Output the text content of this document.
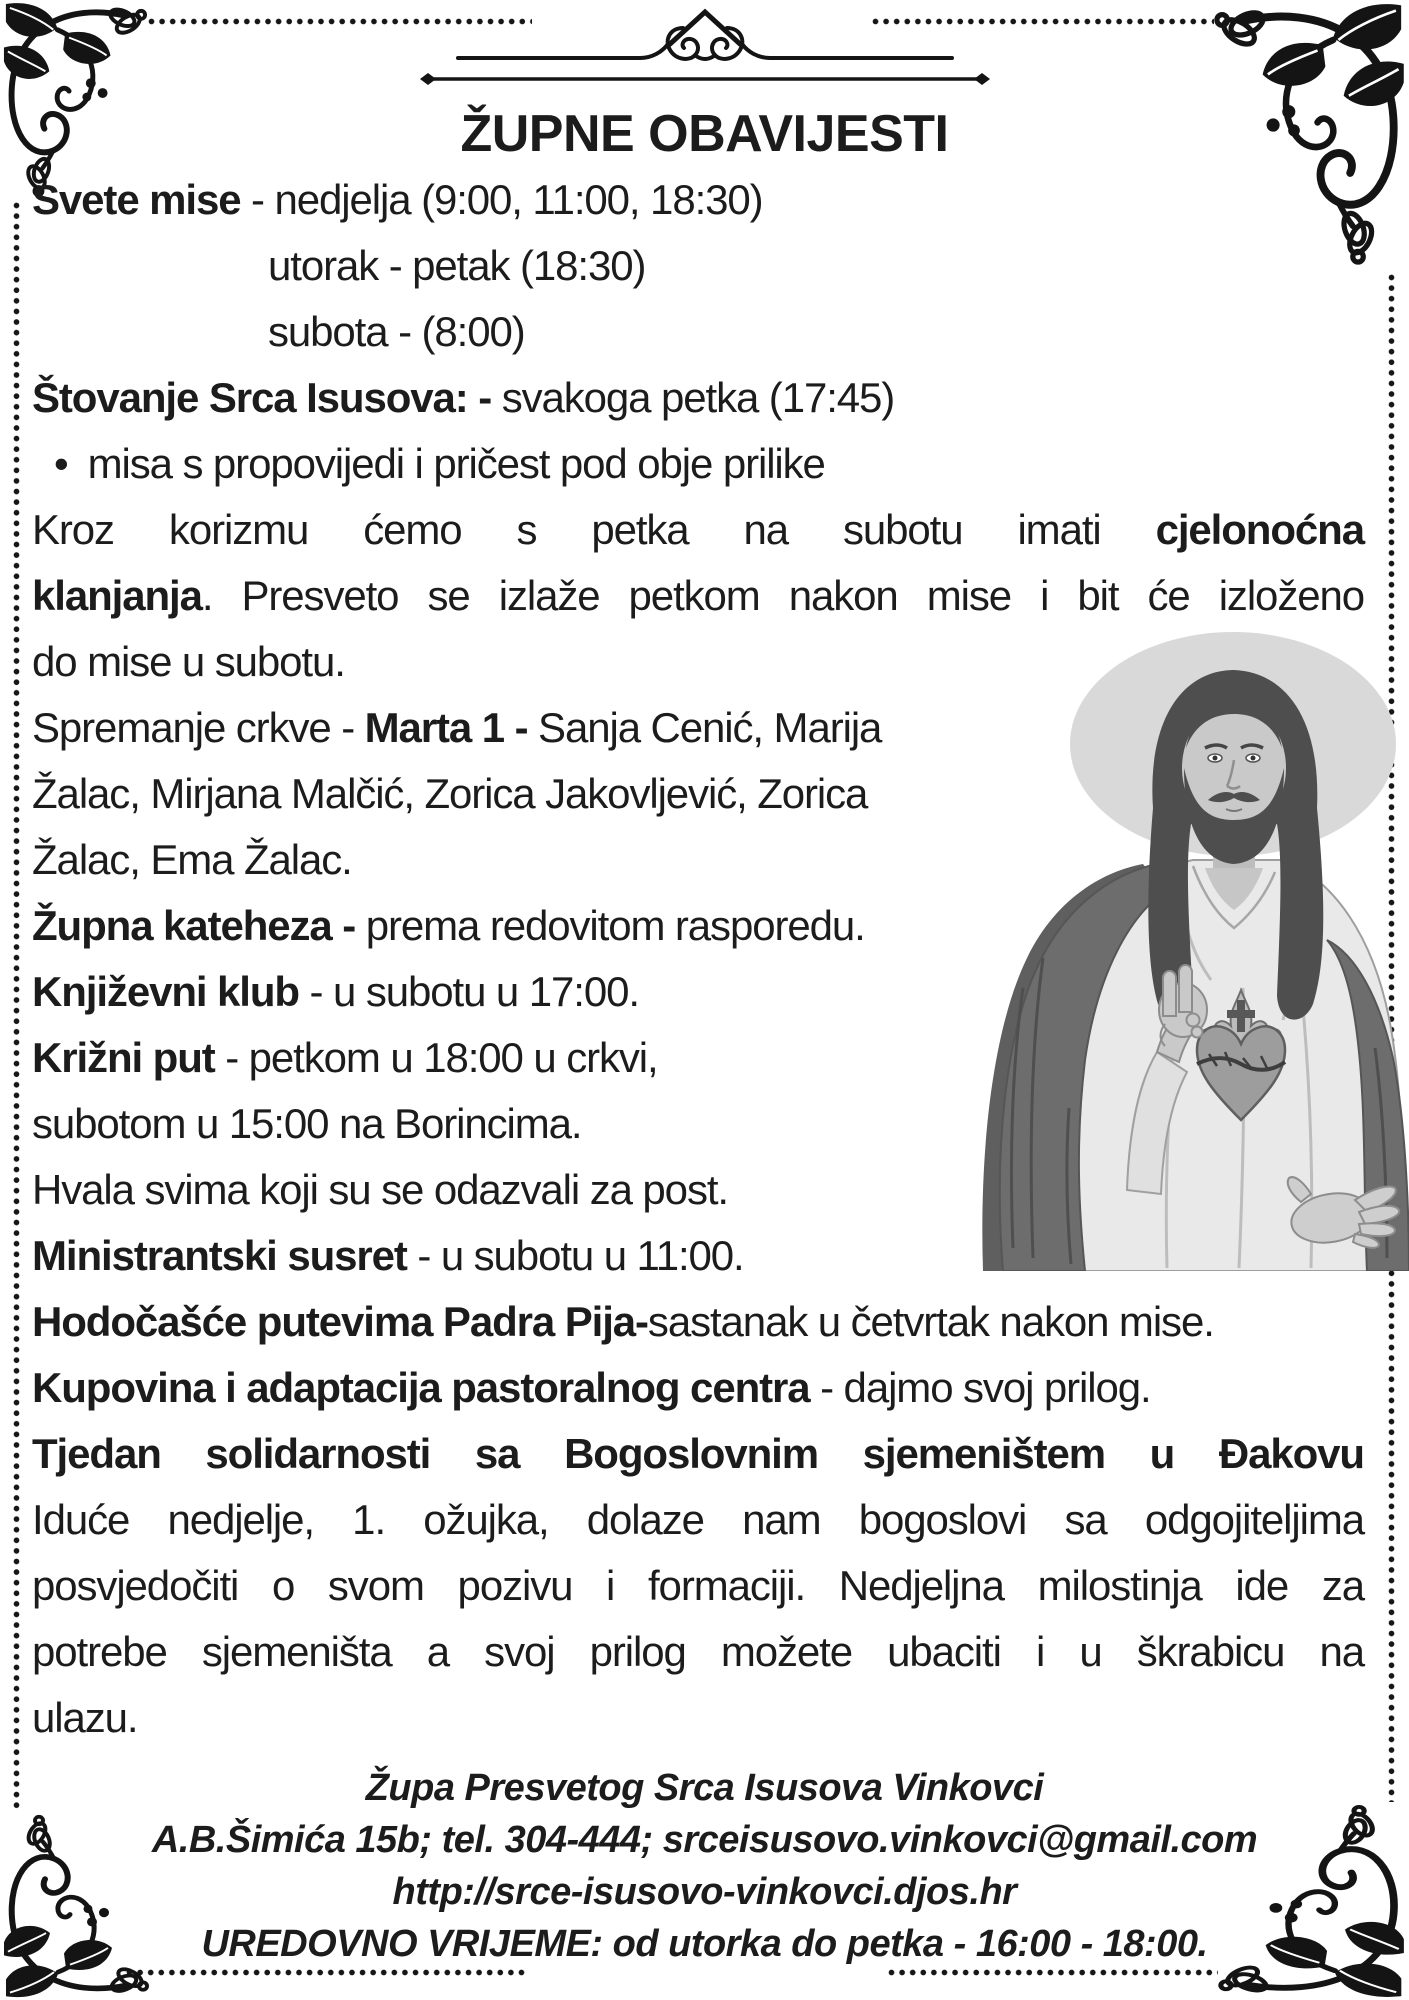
ŽUPNE OBAVIJESTI
Svete mise - nedjelja (9:00, 11:00, 18:30)
utorak - petak (18:30)
subota - (8:00)
Štovanje Srca Isusova: - svakoga petka (17:45)
• misa s propovijedi i pričest pod obje prilike
Kroz korizmu ćemo s petka na subotu imati cjelonoćna
klanjanja. Presveto se izlaže petkom nakon mise i bit će izloženo
do mise u subotu.
Spremanje crkve - Marta 1 - Sanja Cenić, Marija
Žalac, Mirjana Malčić, Zorica Jakovljević, Zorica
Žalac, Ema Žalac.
Župna kateheza - prema redovitom rasporedu.
Književni klub - u subotu u 17:00.
Križni put - petkom u 18:00 u crkvi,
subotom u 15:00 na Borincima.
Hvala svima koji su se odazvali za post.
Ministrantski susret - u subotu u 11:00.
Hodočašće putevima Padra Pija-sastanak u četvrtak nakon mise.
Kupovina i adaptacija pastoralnog centra - dajmo svoj prilog.
Tjedan solidarnosti sa Bogoslovnim sjemeništem u Đakovu
Iduće nedjelje, 1. ožujka, dolaze nam bogoslovi sa odgojiteljima
posvjedočiti o svom pozivu i formaciji. Nedjeljna milostinja ide za
potrebe sjemeništa a svoj prilog možete ubaciti i u škrabicu na
ulazu.
Župa Presvetog Srca Isusova Vinkovci
A.B.Šimića 15b; tel. 304-444; srceisusovo.vinkovci@gmail.com
http://srce-isusovo-vinkovci.djos.hr
UREDOVNO VRIJEME: od utorka do petka - 16:00 - 18:00.
